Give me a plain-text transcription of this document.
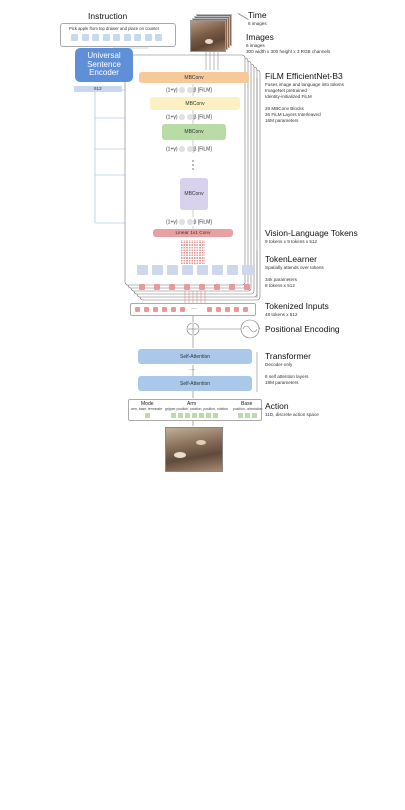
Instruction
Pick apple from top drawer and place on counter
Time
6 images
Images
6 images
300 width x 300 height x 3 RGB channels
Universal Sentence Encoder
512
MBConv
(1+γ)	β [FiLM]
MBConv
(1+γ)	β [FiLM]
MBConv
(1+γ)	β [FiLM]
MBConv
(1+γ)	β [FiLM]
Linear 1x1 Conv
FiLM EfficientNet-B3
Fuses image and language into tokens
ImageNet pretrained
Identity-initialized FiLM
26 MBConv Blocks
26 FiLM Layers Interleaved
16M parameters
Vision-Language Tokens
9 tokens x 9 tokens x 512
TokenLearner
Spatially attends over tokens
34k parameters
8 tokens x 512
···	Tokenized Inputs
48 tokens x 512
Positional Encoding
Self-Attention
···
Self-Attention
Transformer
Decoder-only
8 self attention layers
19M parameters
Mode
arm, base, terminate
Arm
gripper position, rotation, position, rotation
Base
position, orientation Action
11D, discrete action space
